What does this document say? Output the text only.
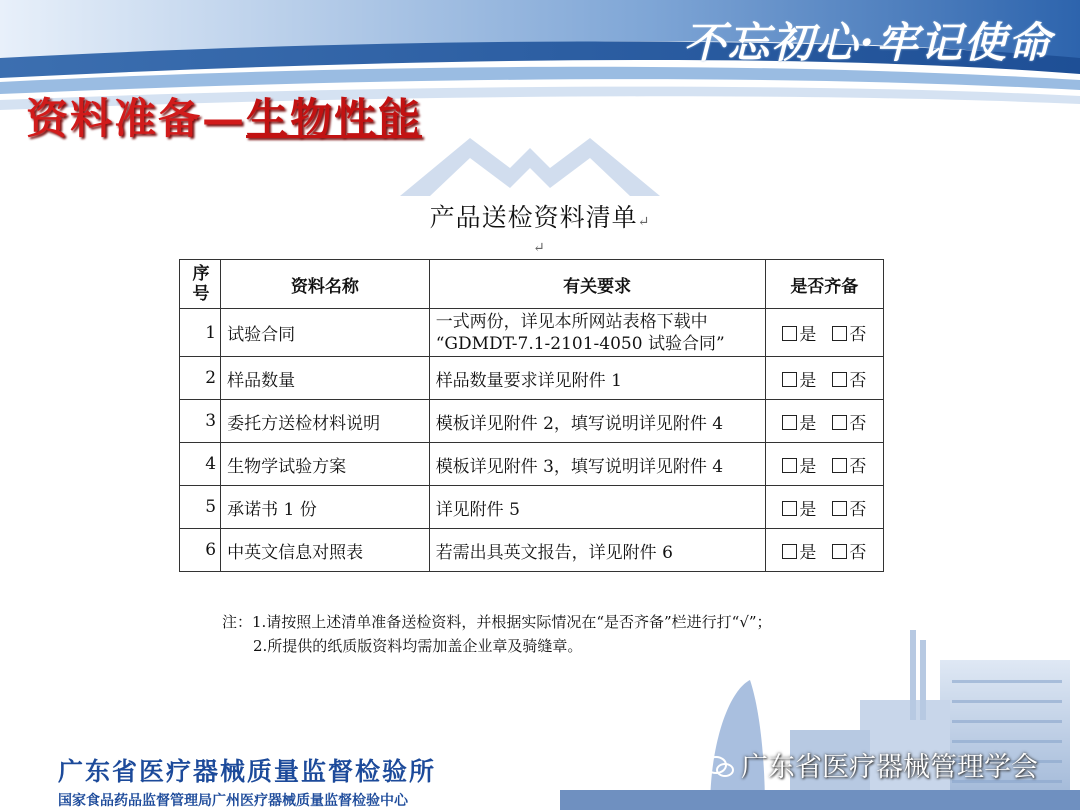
不忘初心·牢记使命
资料准备—生物性能
产品送检资料清单↵
↵
序号	资料名称	有关要求	是否齐备
1	试验合同	一式两份，详见本所网站表格下载中
“GDMDT-7.1-2101-4050 试验合同”	是 否
2	样品数量	样品数量要求详见附件 1	是 否
3	委托方送检材料说明	模板详见附件 2，填写说明详见附件 4	是 否
4	生物学试验方案	模板详见附件 3，填写说明详见附件 4	是 否
5	承诺书 1 份	详见附件 5	是 否
6	中英文信息对照表	若需出具英文报告，详见附件 6	是 否
注：1.请按照上述清单准备送检资料，并根据实际情况在“是否齐备”栏进行打“√”；
2.所提供的纸质版资料均需加盖企业章及骑缝章。
广东省医疗器械质量监督检验所
国家食品药品监督管理局广州医疗器械质量监督检验中心
广东省医疗器械管理学会
